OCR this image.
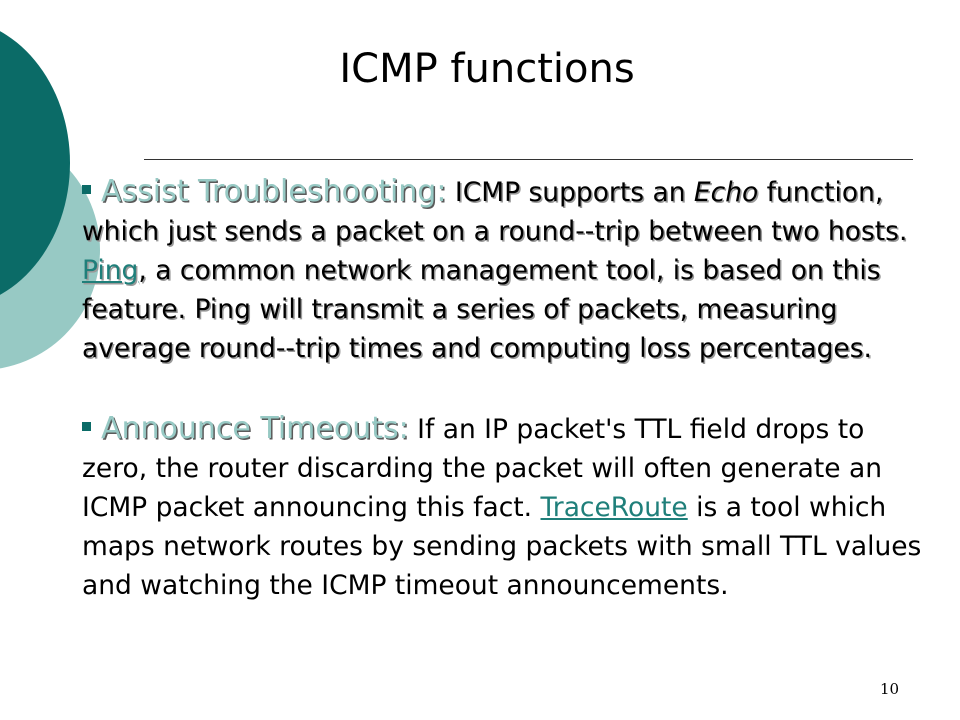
ICMP functions

Assist Troubleshooting: ICMP supports an Echo function, which just sends a packet on a round--trip between two hosts. Ping, a common network management tool, is based on this feature. Ping will transmit a series of packets, measuring average round--trip times and computing loss percentages.

Announce Timeouts: If an IP packet's TTL field drops to zero, the router discarding the packet will often generate an ICMP packet announcing this fact. TraceRoute is a tool which maps network routes by sending packets with small TTL values and watching the ICMP timeout announcements.

10
